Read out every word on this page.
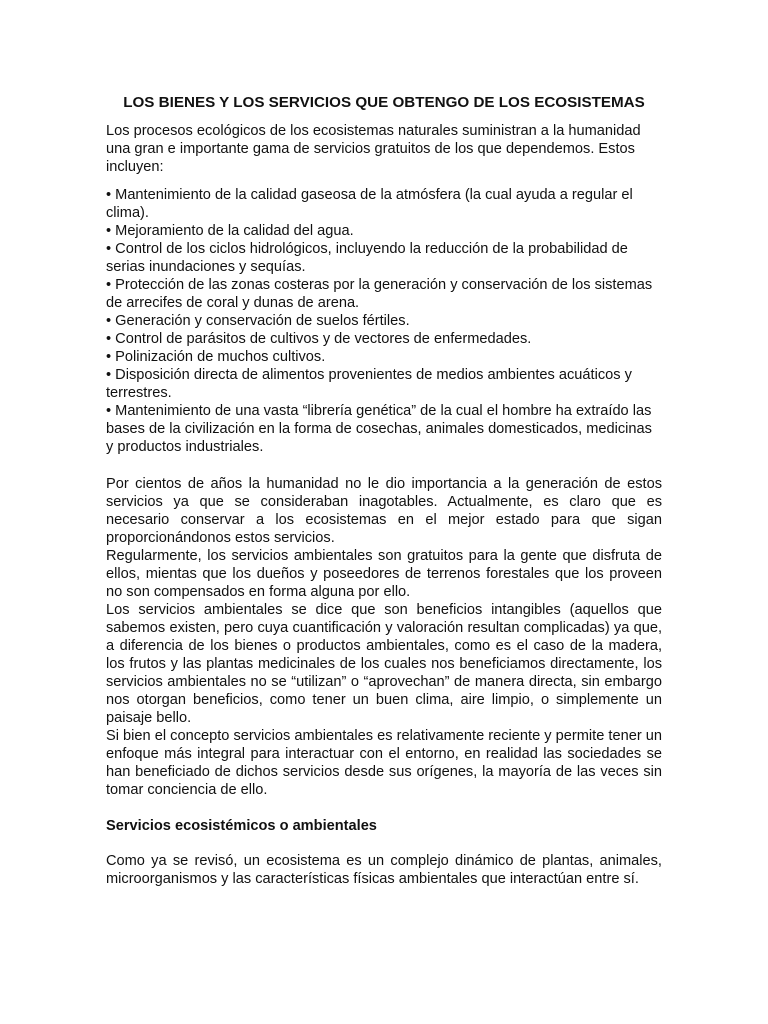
LOS BIENES Y LOS SERVICIOS QUE OBTENGO DE LOS ECOSISTEMAS

Los procesos ecológicos de los ecosistemas naturales suministran a la humanidad una gran e importante gama de servicios gratuitos de los que dependemos. Estos incluyen:

• Mantenimiento de la calidad gaseosa de la atmósfera (la cual ayuda a regular el clima).
• Mejoramiento de la calidad del agua.
• Control de los ciclos hidrológicos, incluyendo la reducción de la probabilidad de serias inundaciones y sequías.
• Protección de las zonas costeras por la generación y conservación de los sistemas de arrecifes de coral y dunas de arena.
• Generación y conservación de suelos fértiles.
• Control de parásitos de cultivos y de vectores de enfermedades.
• Polinización de muchos cultivos.
• Disposición directa de alimentos provenientes de medios ambientes acuáticos y terrestres.
• Mantenimiento de una vasta “librería genética” de la cual el hombre ha extraído las bases de la civilización en la forma de cosechas, animales domesticados, medicinas y productos industriales.

Por cientos de años la humanidad no le dio importancia a la generación de estos servicios ya que se consideraban inagotables. Actualmente, es claro que es necesario conservar a los ecosistemas en el mejor estado para que sigan proporcionándonos estos servicios.

Regularmente, los servicios ambientales son gratuitos para la gente que disfruta de ellos, mientas que los dueños y poseedores de terrenos forestales que los proveen no son compensados en forma alguna por ello.

Los servicios ambientales se dice que son beneficios intangibles (aquellos que sabemos existen, pero cuya cuantificación y valoración resultan complicadas) ya que, a diferencia de los bienes o productos ambientales, como es el caso de la madera, los frutos y las plantas medicinales de los cuales nos beneficiamos directamente, los servicios ambientales no se “utilizan” o “aprovechan” de manera directa, sin embargo nos otorgan beneficios, como tener un buen clima, aire limpio, o simplemente un paisaje bello.

Si bien el concepto servicios ambientales es relativamente reciente y permite tener un enfoque más integral para interactuar con el entorno, en realidad las sociedades se han beneficiado de dichos servicios desde sus orígenes, la mayoría de las veces sin tomar conciencia de ello.

Servicios ecosistémicos o ambientales

Como ya se revisó, un ecosistema es un complejo dinámico de plantas, animales, microorganismos y las características físicas ambientales que interactúan entre sí.
